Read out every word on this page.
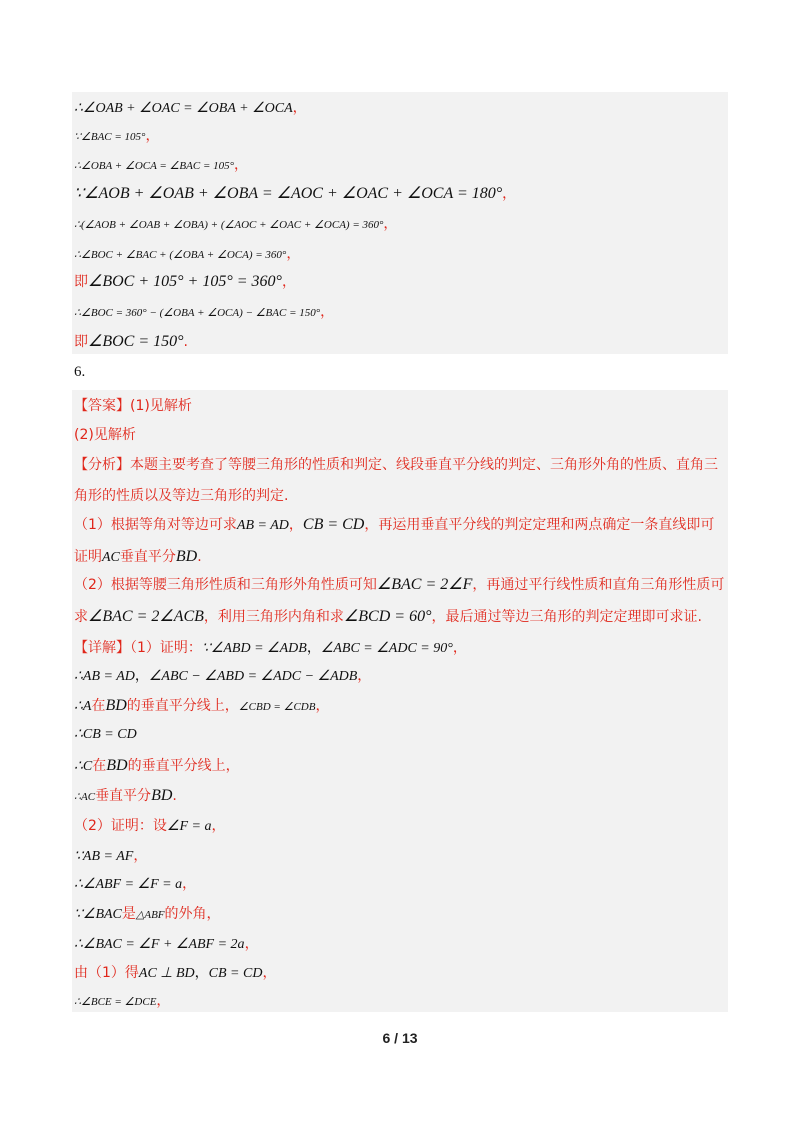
∴∠OAB + ∠OAC = ∠OBA + ∠OCA，
∵∠BAC = 105°，
∴∠OBA + ∠OCA = ∠BAC = 105°，
∵∠AOB + ∠OAB + ∠OBA = ∠AOC + ∠OAC + ∠OCA = 180°，
∴(∠AOB + ∠OAB + ∠OBA) + (∠AOC + ∠OAC + ∠OCA) = 360°，
∴∠BOC + ∠BAC + (∠OBA + ∠OCA) = 360°，
即∠BOC + 105° + 105° = 360°，
∴∠BOC = 360° − (∠OBA + ∠OCA) − ∠BAC = 150°，
即∠BOC = 150°.
6.
【答案】(1)见解析
(2)见解析
【分析】本题主要考查了等腰三角形的性质和判定、线段垂直平分线的判定、三角形外角的性质、直角三
角形的性质以及等边三角形的判定.
（1）根据等角对等边可求AB = AD，CB = CD，再运用垂直平分线的判定定理和两点确定一条直线即可
证明AC垂直平分BD.
（2）根据等腰三角形性质和三角形外角性质可知∠BAC = 2∠F，再通过平行线性质和直角三角形性质可
求∠BAC = 2∠ACB，利用三角形内角和求∠BCD = 60°，最后通过等边三角形的判定定理即可求证.
【详解】（1）证明：∵∠ABD = ∠ADB，∠ABC = ∠ADC = 90°，
∴AB = AD，∠ABC − ∠ABD = ∠ADC − ∠ADB，
∴A在BD的垂直平分线上，∠CBD = ∠CDB，
∴CB = CD
∴C在BD的垂直平分线上，
∴AC垂直平分BD.
（2）证明：设∠F = a，
∵AB = AF，
∴∠ABF = ∠F = a，
∵∠BAC是△ABF的外角，
∴∠BAC = ∠F + ∠ABF = 2a，
由（1）得AC ⊥ BD，CB = CD，
∴∠BCE = ∠DCE，
6 / 13
